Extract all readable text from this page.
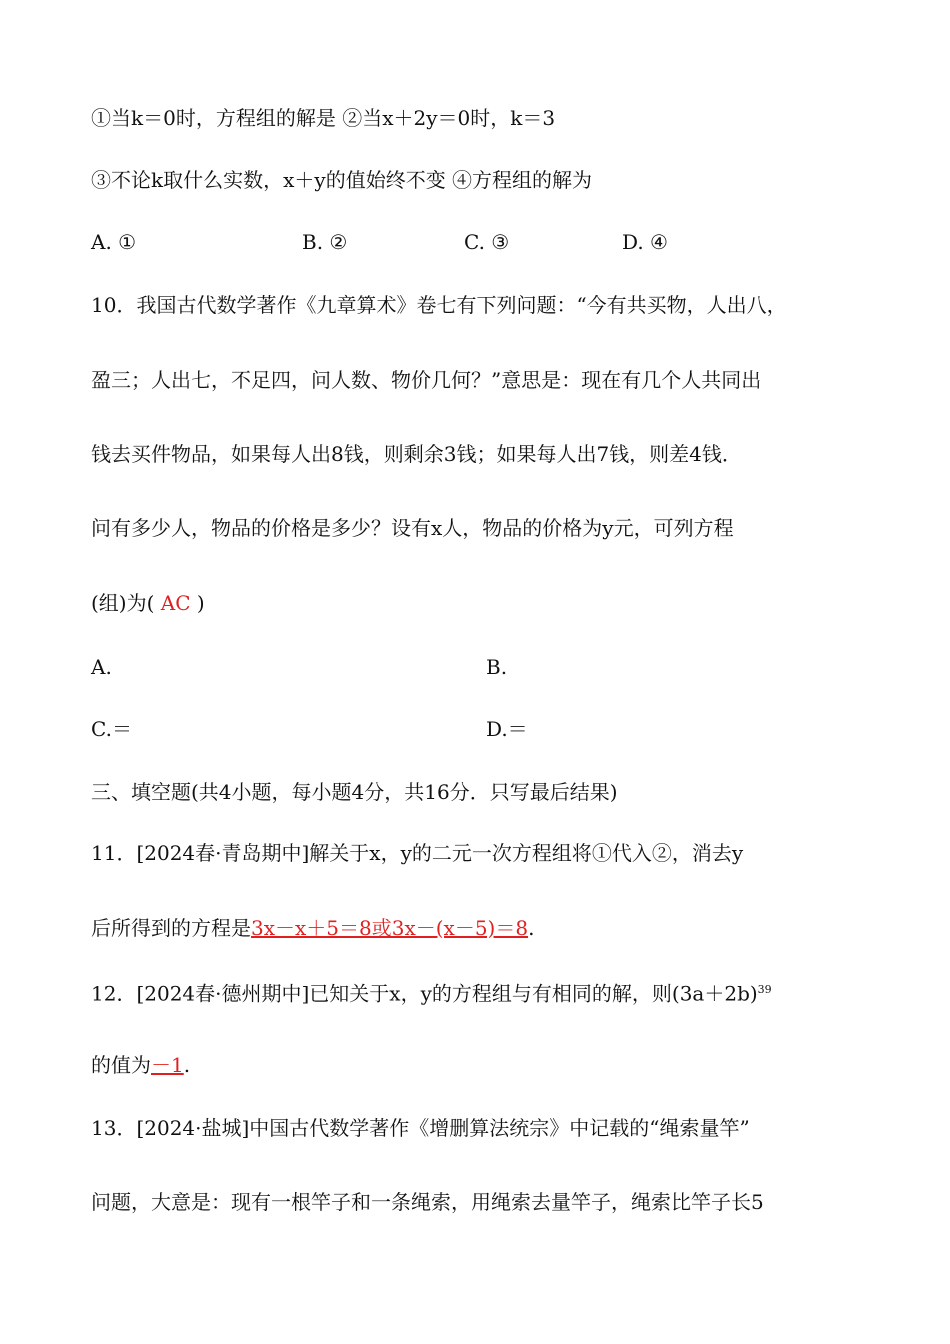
①当k＝0时，方程组的解是 ②当x＋2y＝0时，k＝3
③不论k取什么实数，x＋y的值始终不变 ④方程组的解为
A. ①	B. ②	C. ③	D. ④
10．我国古代数学著作《九章算术》卷七有下列问题：“今有共买物，人出八，
盈三；人出七，不足四，问人数、物价几何？”意思是：现在有几个人共同出
钱去买件物品，如果每人出8钱，则剩余3钱；如果每人出7钱，则差4钱．
问有多少人，物品的价格是多少？设有x人，物品的价格为y元，可列方程
(组)为( AC )
A.	B.
C.＝	D.＝
三、填空题(共4小题，每小题4分，共16分．只写最后结果)
11．[2024春·青岛期中]解关于x，y的二元一次方程组将①代入②，消去y
后所得到的方程是3x－x＋5＝8或3x－(x－5)＝8.
12．[2024春·德州期中]已知关于x，y的方程组与有相同的解，则$(3a+2b)^{39}$
的值为－1.
13．[2024·盐城]中国古代数学著作《增删算法统宗》中记载的“绳索量竿”
问题，大意是：现有一根竿子和一条绳索，用绳索去量竿子，绳索比竿子长5
